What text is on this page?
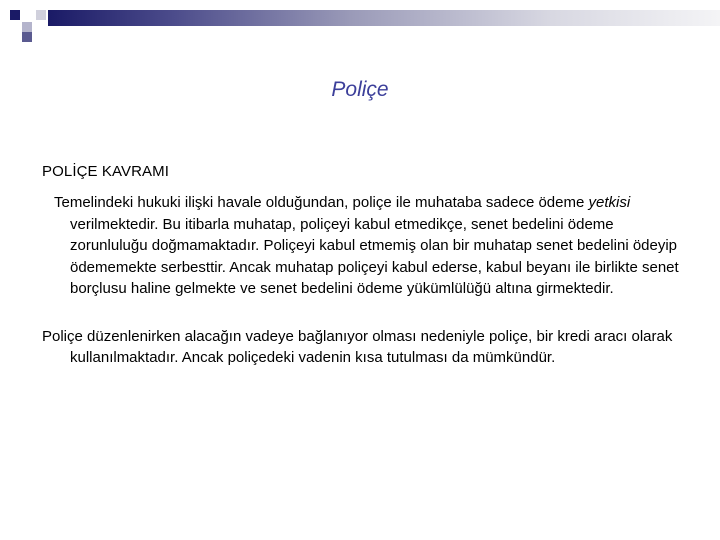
Poliçe
POLİÇE KAVRAMI

Temelindeki hukuki ilişki havale olduğundan, poliçe ile muhataba sadece ödeme yetkisi verilmektedir. Bu itibarla muhatap, poliçeyi kabul etmedikçe, senet bedelini ödeme zorunluluğu doğmamaktadır. Poliçeyi kabul etmemiş olan bir muhatap senet bedelini ödeyip ödememekte serbesttir. Ancak muhatap poliçeyi kabul ederse, kabul beyanı ile birlikte senet borçlusu haline gelmekte ve senet bedelini ödeme yükümlülüğü altına girmektedir.

Poliçe düzenlenirken alacağın vadeye bağlanıyor olması nedeniyle poliçe, bir kredi aracı olarak kullanılmaktadır. Ancak poliçedeki vadenin kısa tutulması da mümkündür.
